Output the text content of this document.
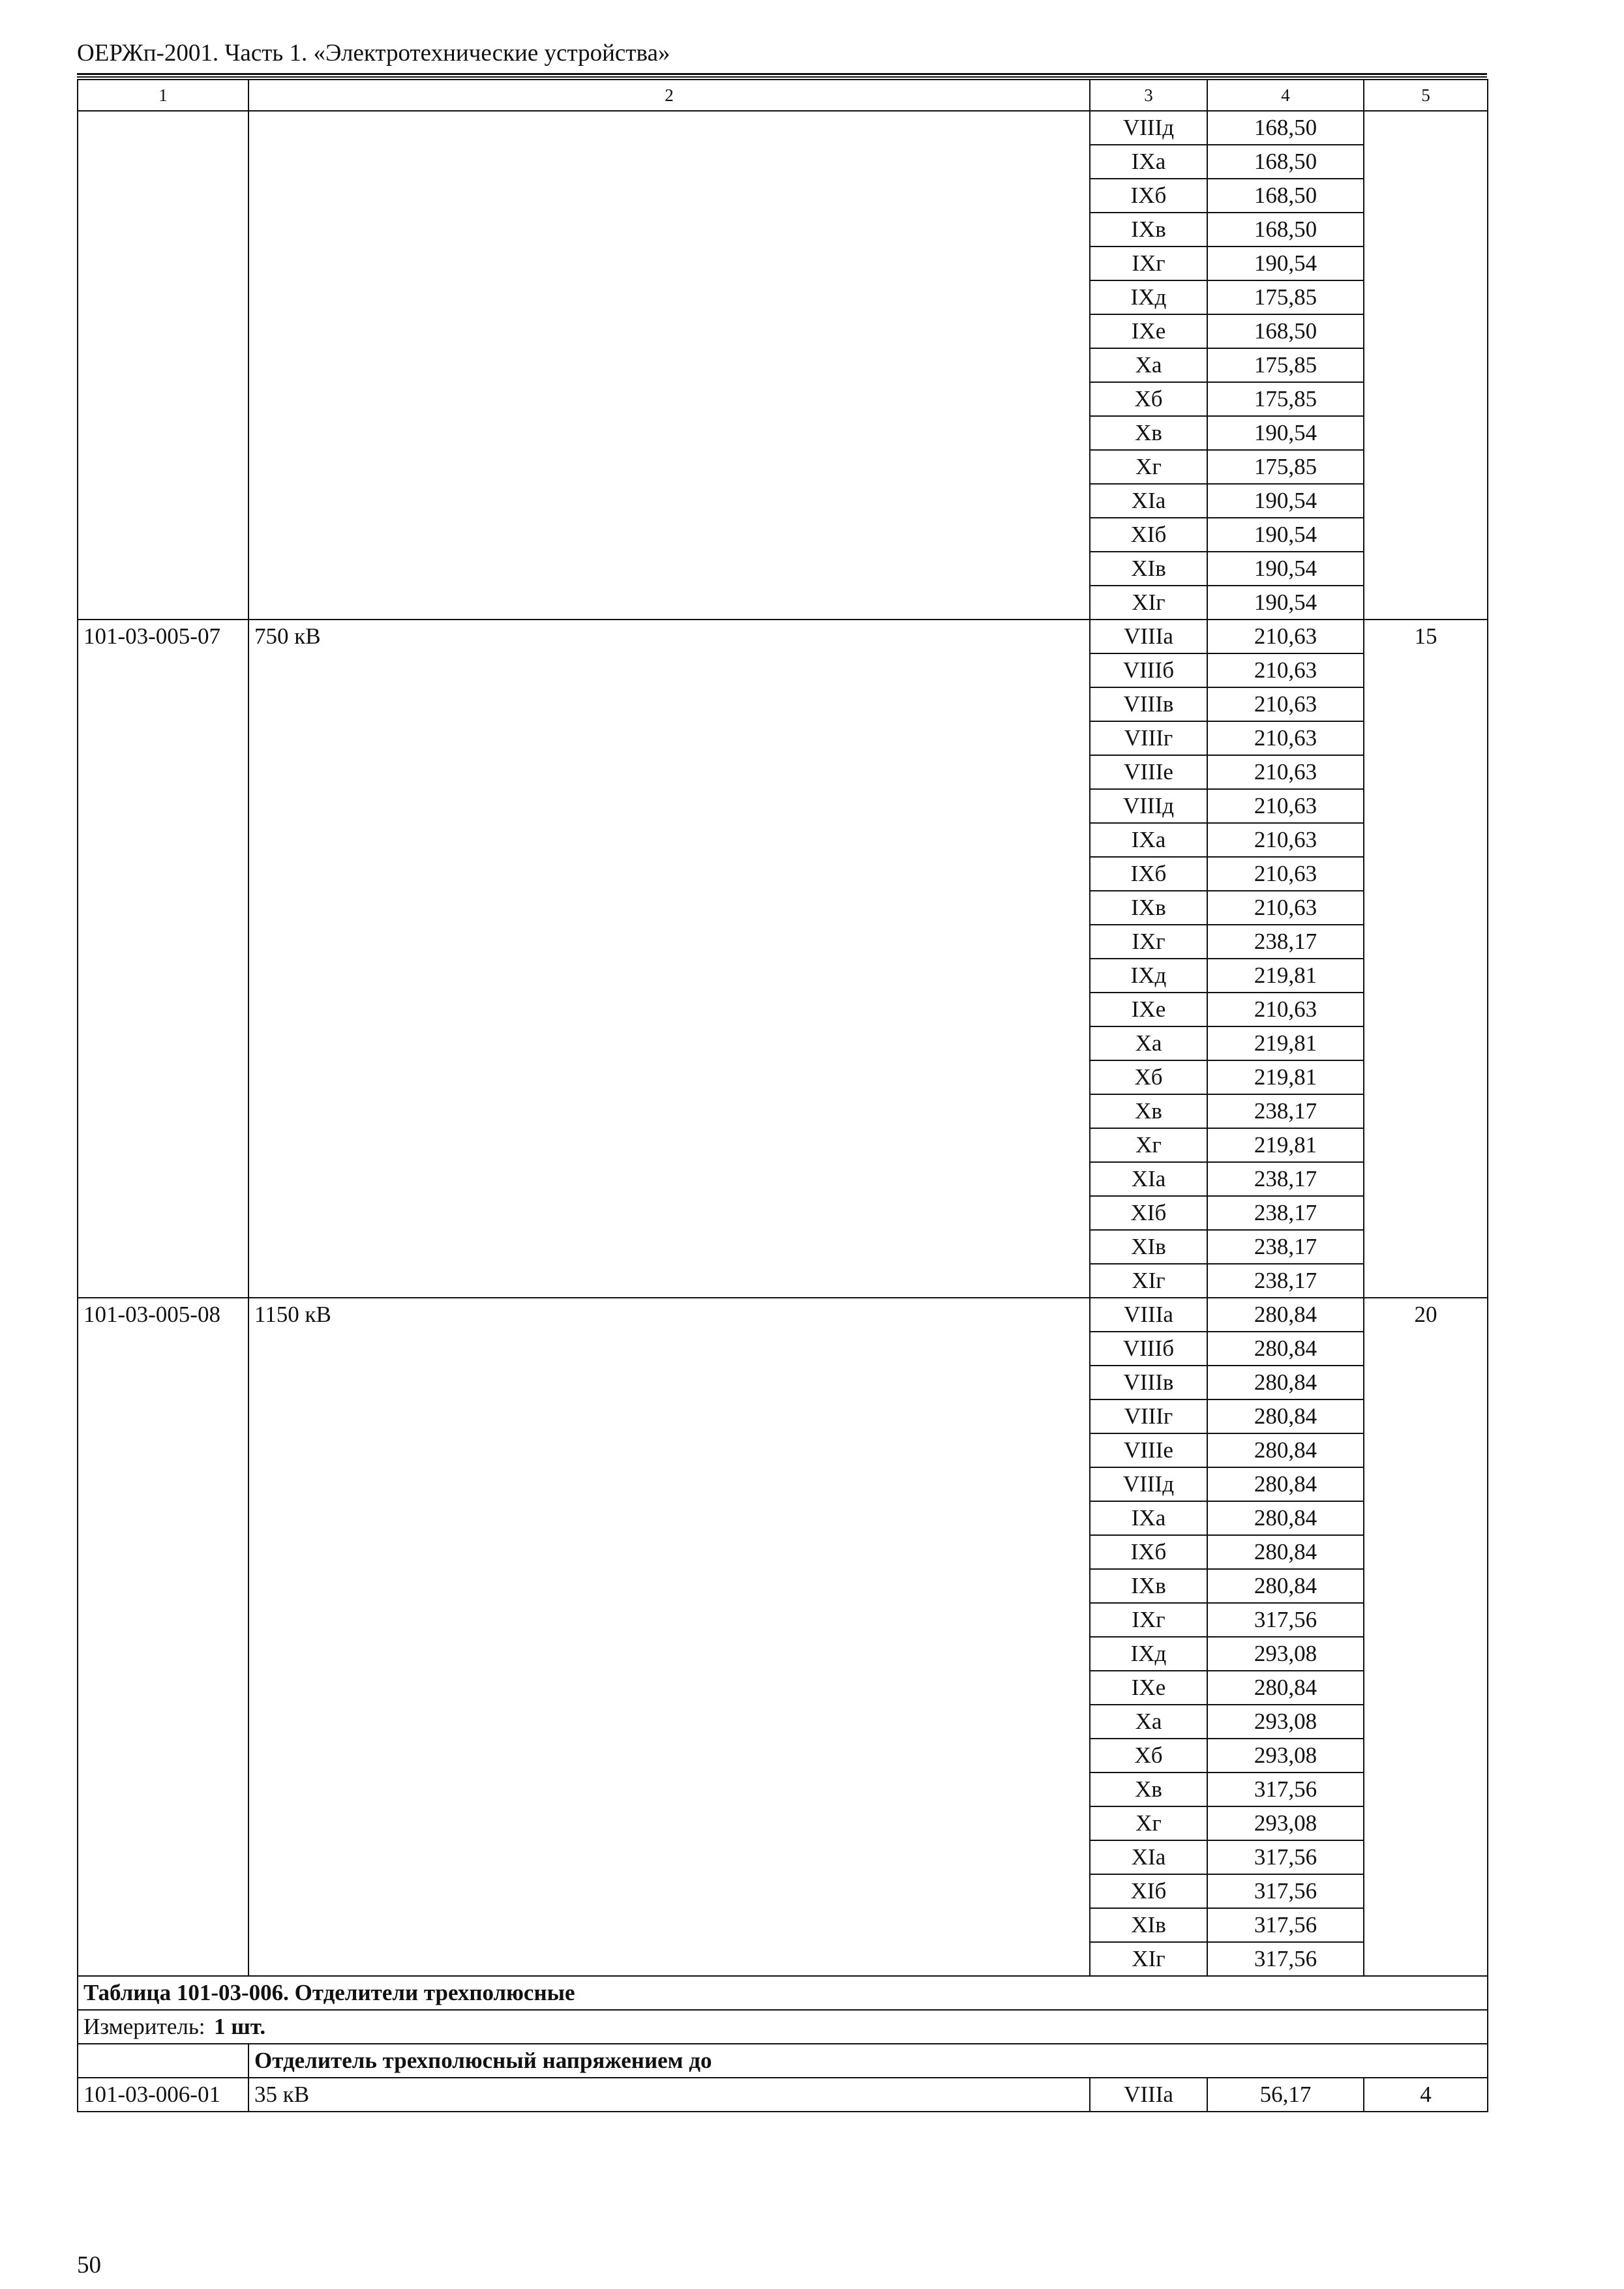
ОЕРЖп-2001. Часть 1. «Электротехнические устройства»
1	2	3	4	5
		VIIIд	168,50	
		IXа	168,50	
		IXб	168,50	
		IXв	168,50	
		IXг	190,54	
		IXд	175,85	
		IXе	168,50	
		Xа	175,85	
		Xб	175,85	
		Xв	190,54	
		Xг	175,85	
		XIа	190,54	
		XIб	190,54	
		XIв	190,54	
		XIг	190,54	
101-03-005-07	750 кВ	VIIIа	210,63	15
		VIIIб	210,63	
		VIIIв	210,63	
		VIIIг	210,63	
		VIIIе	210,63	
		VIIIд	210,63	
		IXа	210,63	
		IXб	210,63	
		IXв	210,63	
		IXг	238,17	
		IXд	219,81	
		IXе	210,63	
		Xа	219,81	
		Xб	219,81	
		Xв	238,17	
		Xг	219,81	
		XIа	238,17	
		XIб	238,17	
		XIв	238,17	
		XIг	238,17	
101-03-005-08	1150 кВ	VIIIа	280,84	20
		VIIIб	280,84	
		VIIIв	280,84	
		VIIIг	280,84	
		VIIIе	280,84	
		VIIIд	280,84	
		IXа	280,84	
		IXб	280,84	
		IXв	280,84	
		IXг	317,56	
		IXд	293,08	
		IXе	280,84	
		Xа	293,08	
		Xб	293,08	
		Xв	317,56	
		Xг	293,08	
		XIа	317,56	
		XIб	317,56	
		XIв	317,56	
		XIг	317,56	
Таблица 101-03-006. Отделители трехполюсные				
Измеритель: 1 шт.				
	Отделитель трехполюсный напряжением до			
101-03-006-01	35 кВ	VIIIа	56,17	4
50
